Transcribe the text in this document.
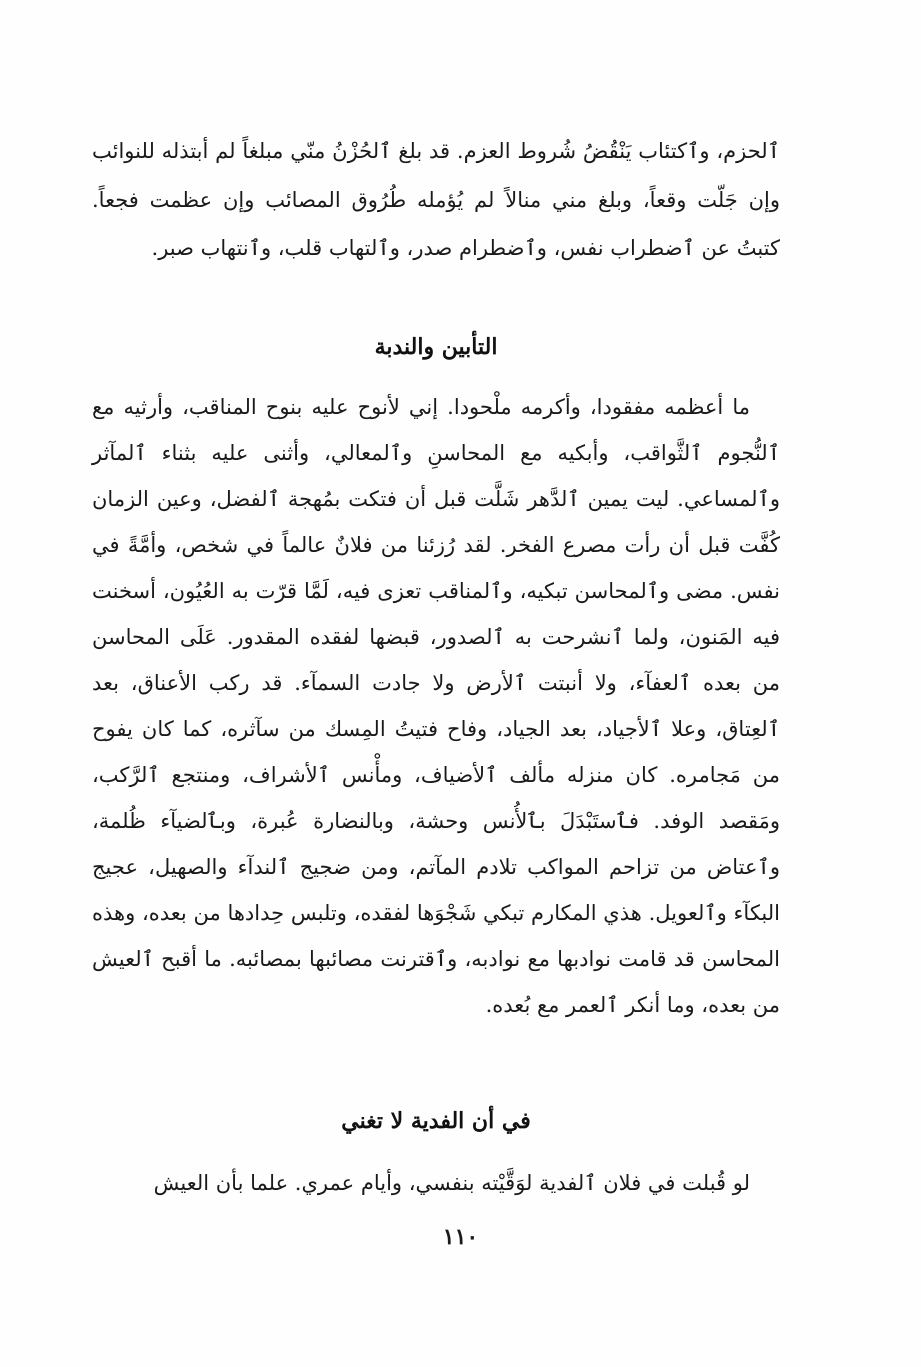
ٱلحزم، وٱكتئاب يَنْقُضُ شُروط العزم. قد بلغ ٱلحُزْنُ منّي مبلغاً لم أبتذله للنوائب وإن جَلّت وقعاً، وبلغ مني منالاً لم يُؤمله طُرُوق المصائب وإن عظمت فجعاً. كتبتُ عن ٱضطراب نفس، وٱضطرام صدر، وٱلتهاب قلب، وٱنتهاب صبر.

التأبين والندبة

ما أعظمه مفقودا، وأكرمه ملْحودا. إني لأنوح عليه بنوح المناقب، وأرثيه مع ٱلنُّجوم ٱلثَّواقب، وأبكيه مع المحاسنِ وٱلمعالي، وأثنى عليه بثناء ٱلمآثر وٱلمساعي. ليت يمين ٱلدَّهر شَلَّت قبل أن فتكت بمُهجة ٱلفضل، وعين الزمان كُفَّت قبل أن رأت مصرع الفخر. لقد رُزئنا من فلانٌ عالماً في شخص، وأمَّةً في نفس. مضى وٱلمحاسن تبكيه، وٱلمناقب تعزى فيه، لَمَّا قرّت به العُيُون، أسخنت فيه المَنون، ولما ٱنشرحت به ٱلصدور، قبضها لفقده المقدور. عَلَى المحاسن من بعده ٱلعفآء، ولا أنبتت ٱلأرض ولا جادت السمآء. قد ركب الأعناق، بعد ٱلعِتاق، وعلا ٱلأجياد، بعد الجياد، وفاح فتيتُ المِسك من سآثره، كما كان يفوح من مَجامره. كان منزله مألف ٱلأضياف، ومأْنس ٱلأشراف، ومنتجع ٱلرَّكب، ومَقصد الوفد. فٱستَبْدَلَ بٱلأُنس وحشة، وبالنضارة عُبرة، وبٱلضيآء ظُلمة، وٱعتاض من تزاحم المواكب تلادم المآتم، ومن ضجيج ٱلندآء والصهيل، عجيج البكآء وٱلعويل. هذي المكارم تبكي شَجْوَها لفقده، وتلبس حِدادها من بعده، وهذه المحاسن قد قامت نوادبها مع نوادبه، وٱقترنت مصائبها بمصائبه. ما أقبح ٱلعيش من بعده، وما أنكر ٱلعمر مع بُعده.

في أن الفدية لا تغني

لو قُبلت في فلان ٱلفدية لوَقَّيْته بنفسي، وأيام عمري. علما بأن العيش

١١٠
